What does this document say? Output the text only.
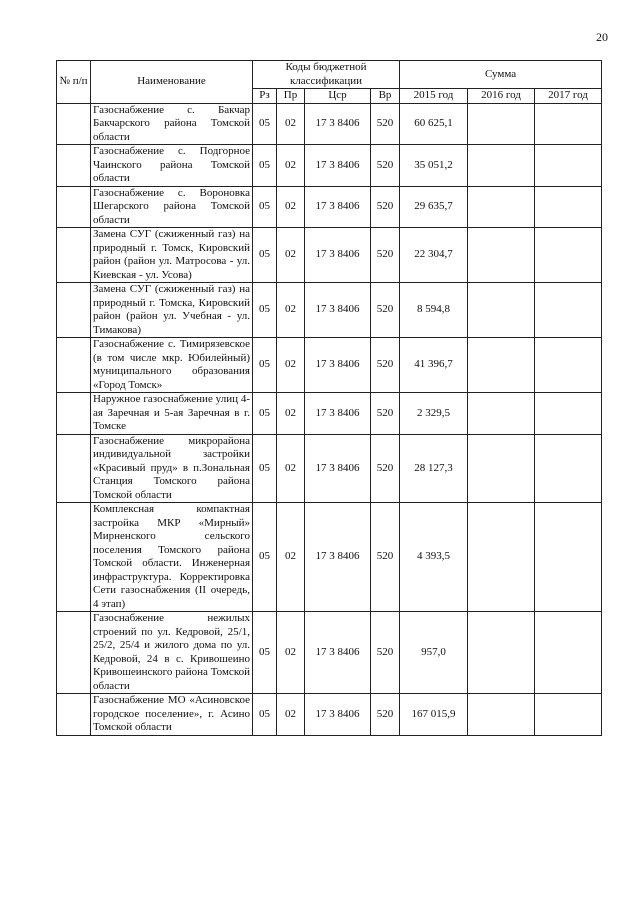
20
№ п/п	Наименование	Коды бюджетной классификации				Сумма		
		Рз	Пр	Цср	Вр	2015 год	2016 год	2017 год
	Газоснабжение с. Бакчар Бакчарского района Томской области	05	02	17 3 8406	520	60 625,1		
	Газоснабжение с. Подгорное Чаинского района Томской области	05	02	17 3 8406	520	35 051,2		
	Газоснабжение с. Вороновка Шегарского района Томской области	05	02	17 3 8406	520	29 635,7		
	Замена СУГ (сжиженный газ) на природный г. Томск, Кировский район (район ул. Матросова - ул. Киевская - ул. Усова)	05	02	17 3 8406	520	22 304,7		
	Замена СУГ (сжиженный газ) на природный г. Томска, Кировский район (район ул. Учебная - ул. Тимакова)	05	02	17 3 8406	520	8 594,8		
	Газоснабжение с. Тимирязевское (в том числе мкр. Юбилейный) муниципального образования «Город Томск»	05	02	17 3 8406	520	41 396,7		
	Наружное газоснабжение улиц 4-ая Заречная и 5-ая Заречная в г. Томске	05	02	17 3 8406	520	2 329,5		
	Газоснабжение микрорайона индивидуальной застройки «Красивый пруд» в п.Зональная Станция Томского района Томской области	05	02	17 3 8406	520	28 127,3		
	Комплексная компактная застройка МКР «Мирный» Мирненского сельского поселения Томского района Томской области. Инженерная инфраструктура. Корректировка Сети газоснабжения (II очередь, 4 этап)	05	02	17 3 8406	520	4 393,5		
	Газоснабжение нежилых строений по ул. Кедровой, 25/1, 25/2, 25/4 и жилого дома по ул. Кедровой, 24 в с. Кривошеино Кривошеинского района Томской области	05	02	17 3 8406	520	957,0		
	Газоснабжение МО «Асиновское городское поселение», г. Асино Томской области	05	02	17 3 8406	520	167 015,9		
